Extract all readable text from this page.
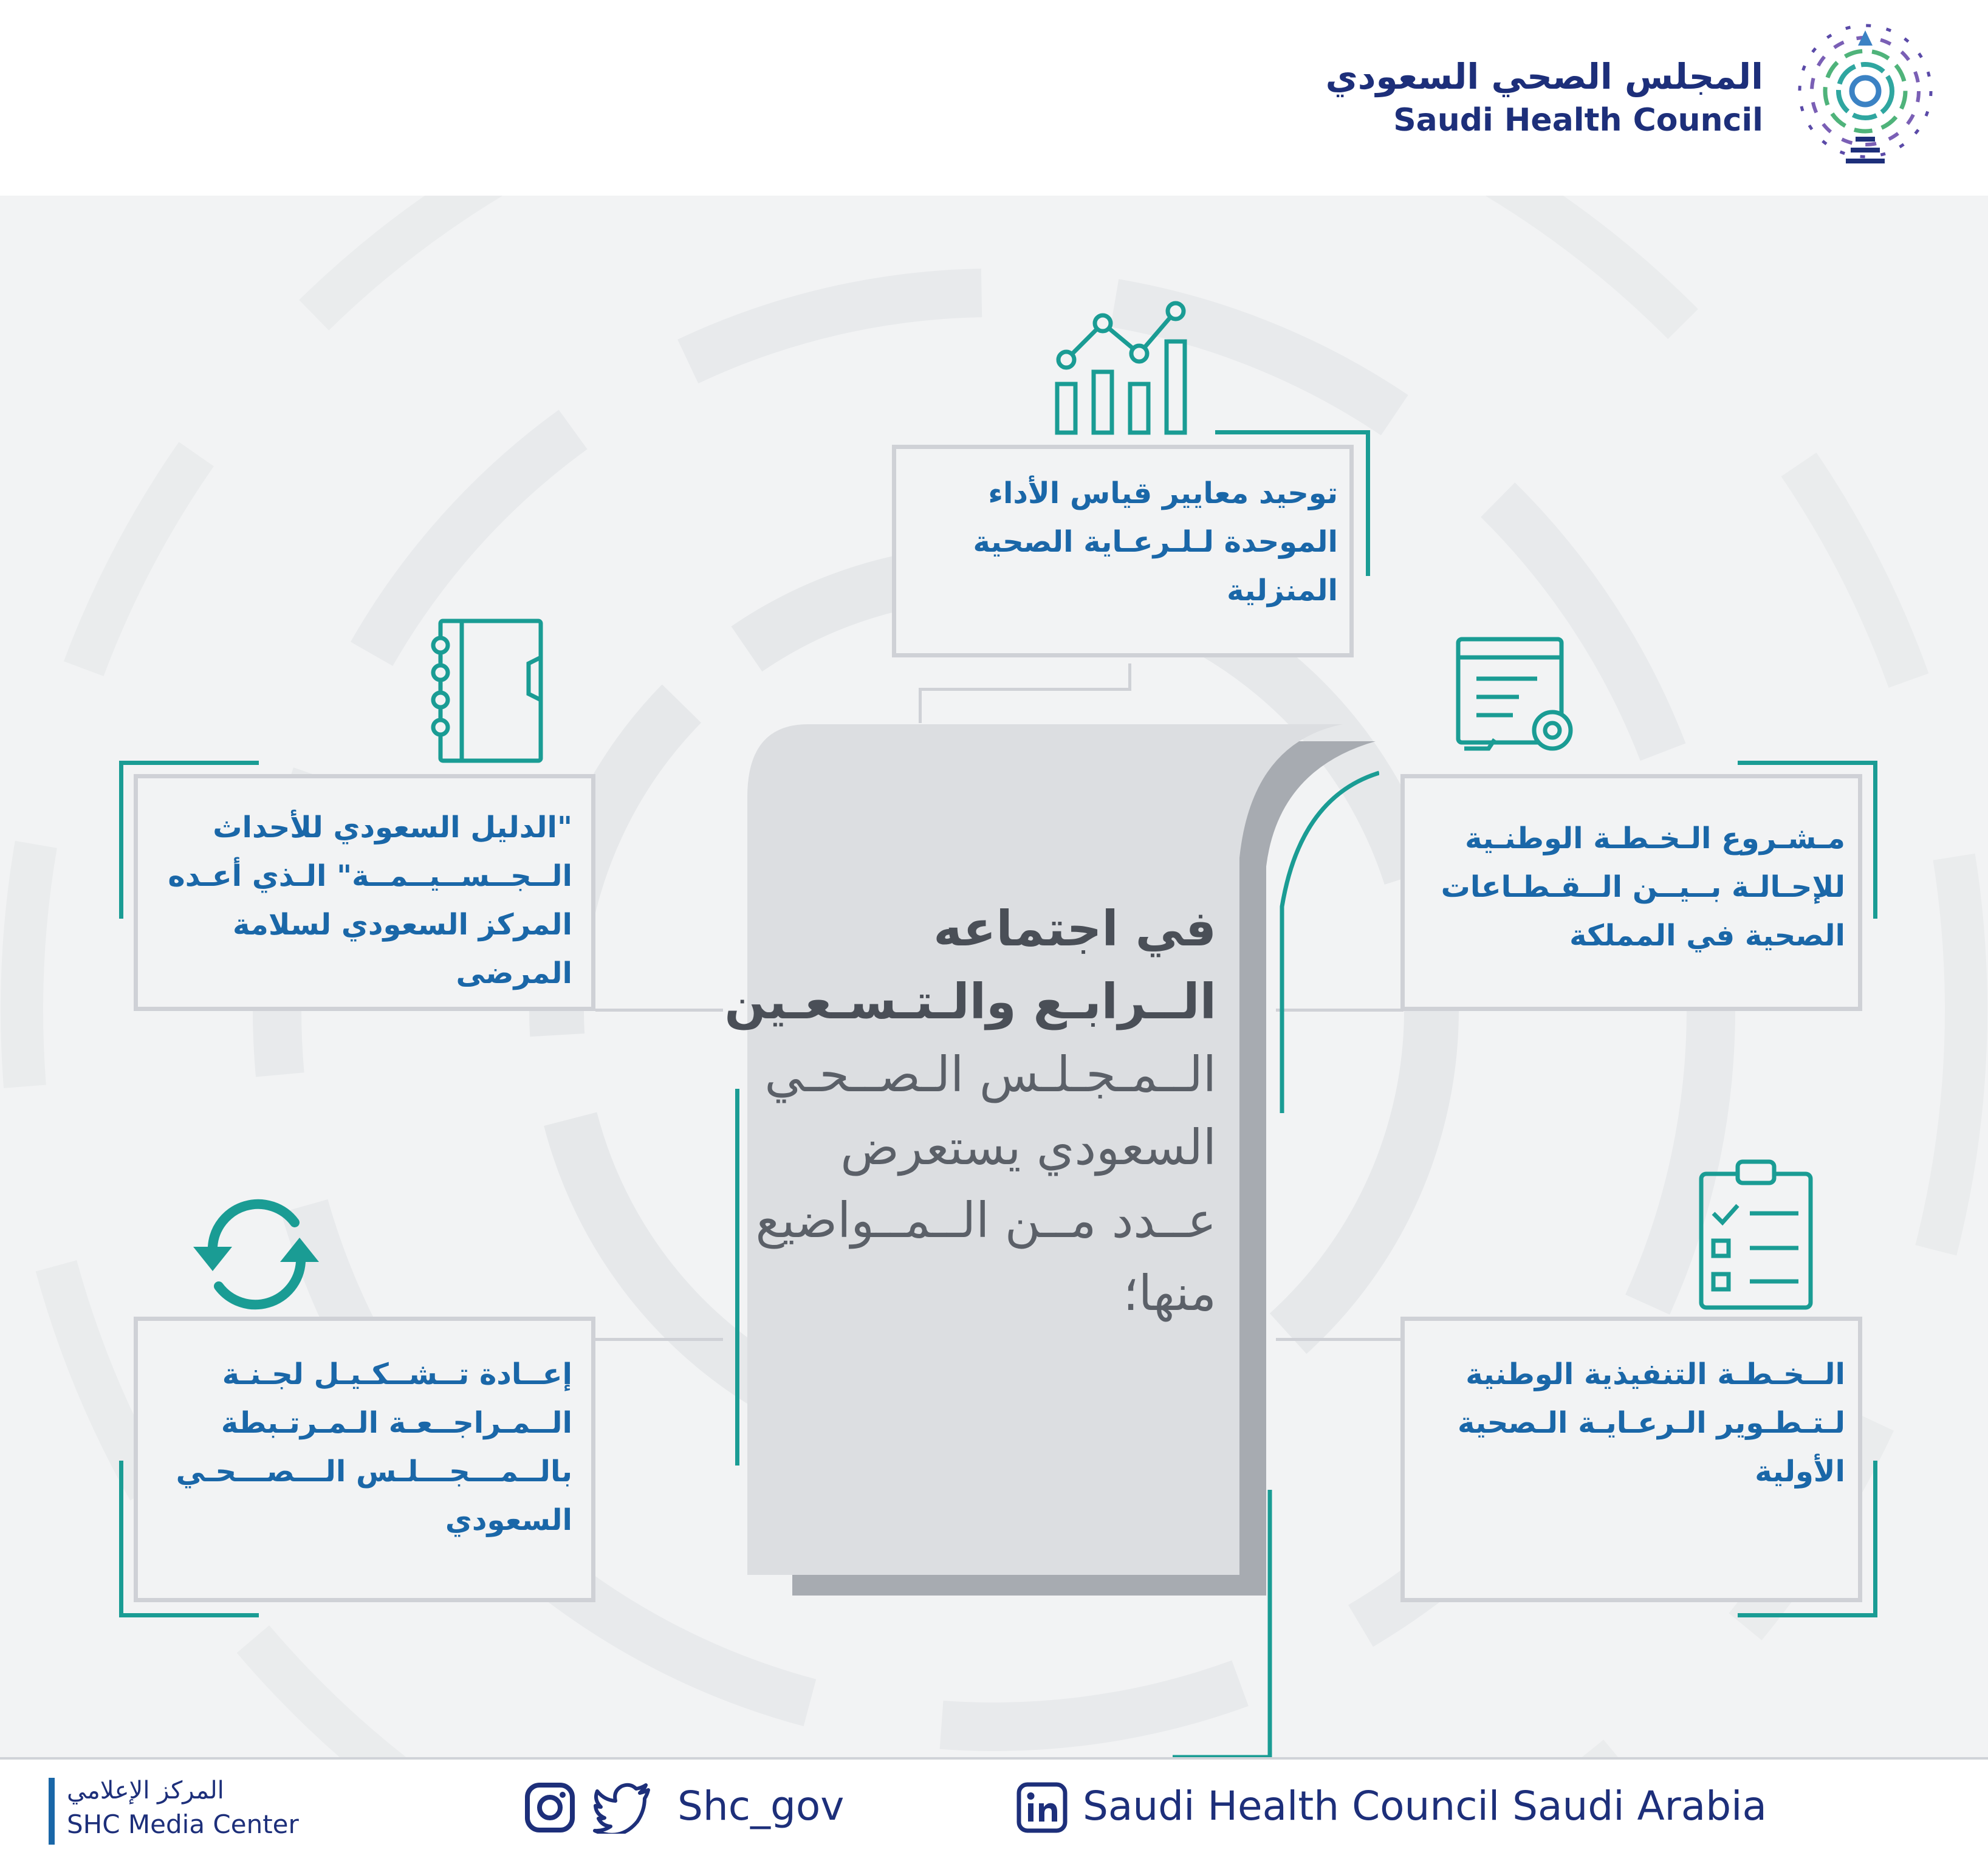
المجلس الصحي السعودي
Saudi Health Council
في اجتماعه
الــرابـع والـتـسـعـين
الــمـجـلـس الـصــحـي
السعودي يستعرض
عــدد مــن الــمــواضيع
منها؛
توحيد معايير قياس الأداء
الموحدة لـلـرعـاية الصحية
المنزلية
"الدليل السعودي للأحداث
الــجــســيــمــة" الـذي أعـده
المركز السعودي لسلامة
المرضى
مـشـروع الـخـطـة الوطنـية
للإحـالـة بــيــن الــقـطـاعات
الصحية في المملكة
إعــادة تــشــكـيـل لجـنـة
الــمـراجــعـة الـمـرتـبطة
بالــمـــجـــلـس الـــصـــحـي
السعودي
الــخـطـة التنفيذية الوطنية
لـتـطـوير الـرعـايـة الـصحية
الأولية
المركز الإعلامي
SHC Media Center	Shc_gov	Saudi Health Council Saudi Arabia
